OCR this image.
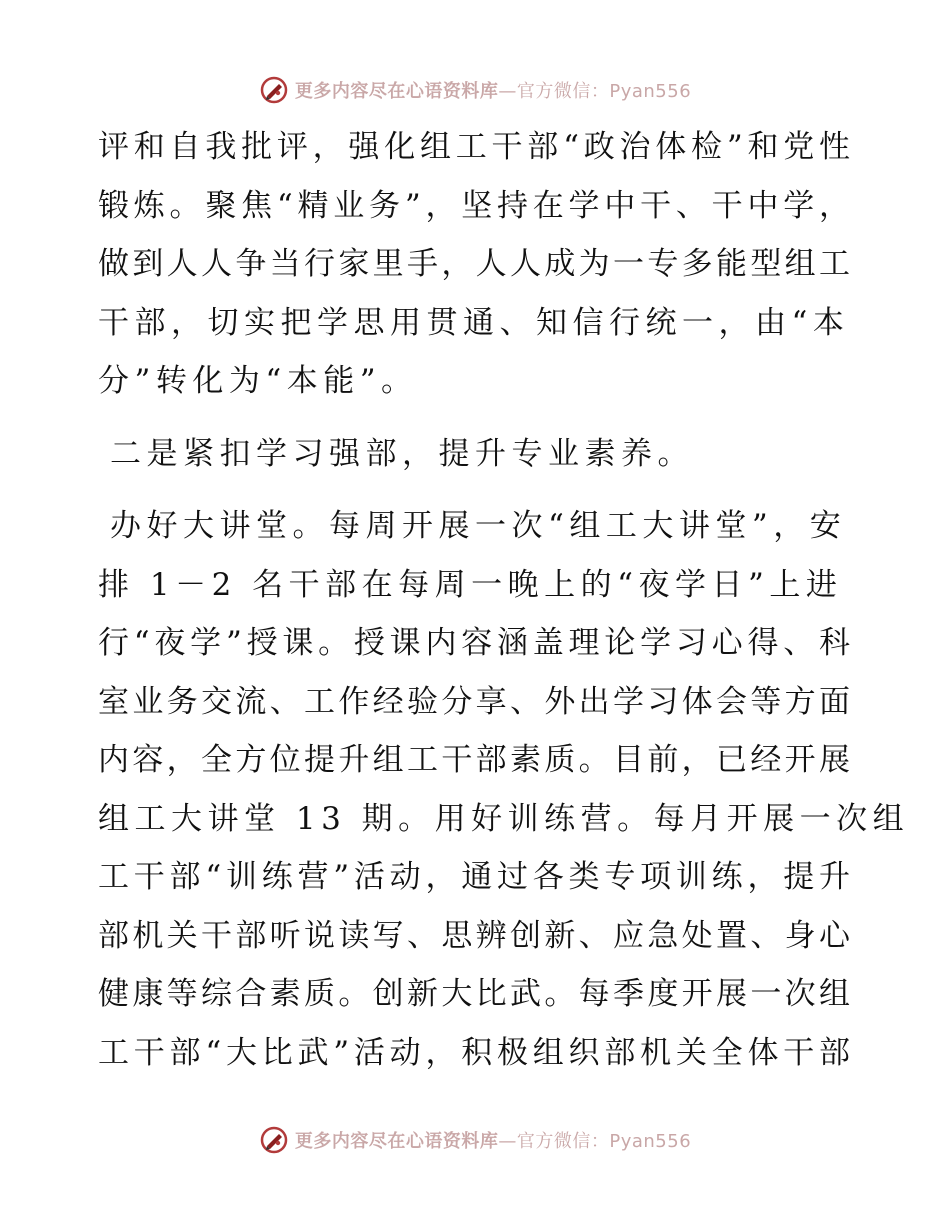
更多内容尽在心语资料库—官方微信：Pyan556
评和自我批评，强化组工干部“政治体检”和党性
锻炼。聚焦“精业务”，坚持在学中干、干中学，
做到人人争当行家里手，人人成为一专多能型组工
干部，切实把学思用贯通、知信行统一，由“本
分”转化为“本能”。
二是紧扣学习强部，提升专业素养。
办好大讲堂。每周开展一次“组工大讲堂”，安
排 1－2 名干部在每周一晚上的“夜学日”上进
行“夜学”授课。授课内容涵盖理论学习心得、科
室业务交流、工作经验分享、外出学习体会等方面
内容，全方位提升组工干部素质。目前，已经开展
组工大讲堂 13 期。用好训练营。每月开展一次组
工干部“训练营”活动，通过各类专项训练，提升
部机关干部听说读写、思辨创新、应急处置、身心
健康等综合素质。创新大比武。每季度开展一次组
工干部“大比武”活动，积极组织部机关全体干部
更多内容尽在心语资料库—官方微信：Pyan556
